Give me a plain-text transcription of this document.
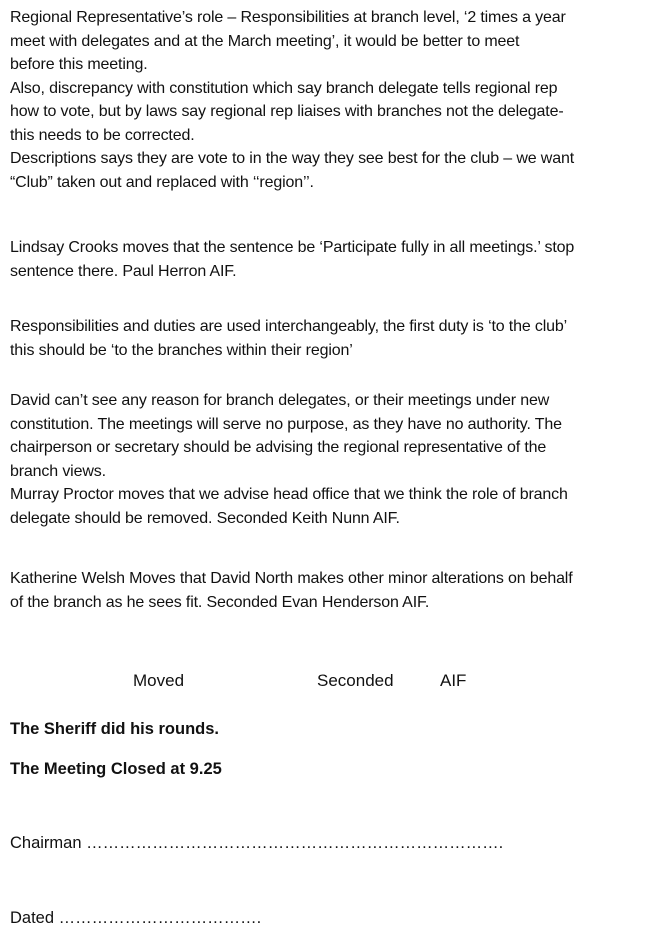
Regional Representative’s role – Responsibilities at branch level, ‘2 times a year
meet with delegates and at the March meeting’, it would be better to meet
before this meeting.
Also, discrepancy with constitution which say branch delegate tells regional rep
how to vote, but by laws say regional rep liaises with branches not the delegate-
this needs to be corrected.
Descriptions says they are vote to in the way they see best for the club – we want
“Club” taken out and replaced with ‘‘region’’.

Lindsay Crooks moves that the sentence be ‘Participate fully in all meetings.’ stop
sentence there. Paul Herron AIF.

Responsibilities and duties are used interchangeably, the first duty is ‘to the club’
this should be ‘to the branches within their region’

David can’t see any reason for branch delegates, or their meetings under new
constitution. The meetings will serve no purpose, as they have no authority. The
chairperson or secretary should be advising the regional representative of the
branch views.
Murray Proctor moves that we advise head office that we think the role of branch
delegate should be removed. Seconded Keith Nunn AIF.

Katherine Welsh Moves that David North makes other minor alterations on behalf
of the branch as he sees fit. Seconded Evan Henderson AIF.

Moved	Seconded	AIF

The Sheriff did his rounds.

The Meeting Closed at 9.25

Chairman ………………………………………………………………….

Dated ……………………………….
